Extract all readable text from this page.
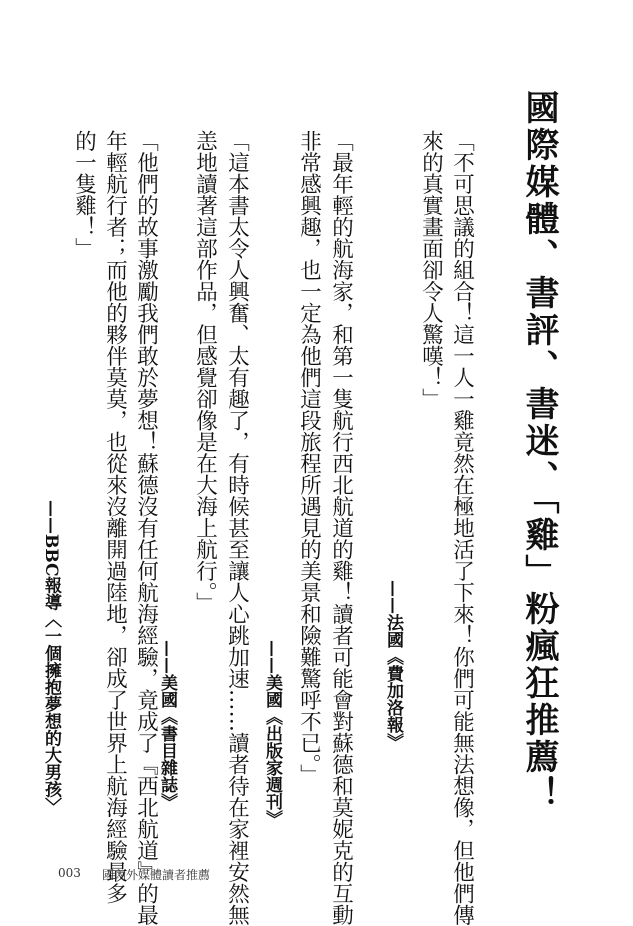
國際媒體、書評、書迷、「雞」粉瘋狂推薦！
「不可思議的組合！這一人一雞竟然在極地活了下來！你們可能無法想像，但他們傳
來的真實畫面卻令人驚嘆！」
——法國《費加洛報》
「最年輕的航海家，和第一隻航行西北航道的雞！讀者可能會對蘇德和莫妮克的互動
非常感興趣，也一定為他們這段旅程所遇見的美景和險難驚呼不已。」
——美國《出版家週刊》
「這本書太令人興奮、太有趣了，有時候甚至讓人心跳加速……讀者待在家裡安然無
恙地讀著這部作品，但感覺卻像是在大海上航行。」
——美國《書目雜誌》
「他們的故事激勵我們敢於夢想！蘇德沒有任何航海經驗，竟成了『西北航道』的最
年輕航行者；而他的夥伴莫莫，也從來沒離開過陸地，卻成了世界上航海經驗最多
的一隻雞！」
——BBC報導〈一個擁抱夢想的大男孩〉
003 國內外媒體讀者推薦
